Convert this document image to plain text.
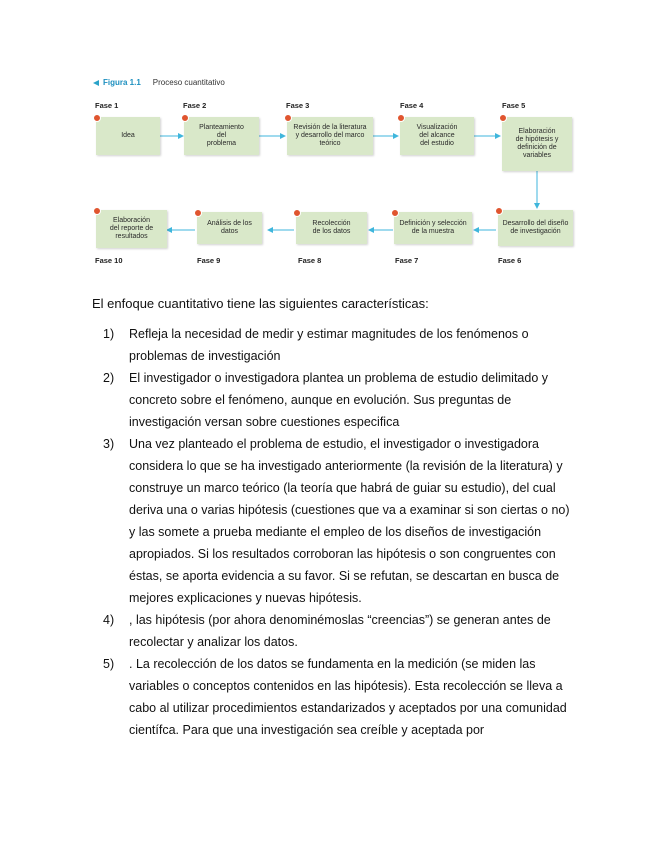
Figura 1.1 Proceso cuantitativo
Fase 1	Fase 2	Fase 3	Fase 4	Fase 5
Fase 10	Fase 9	Fase 8	Fase 7	Fase 6
Idea
Planteamiento
del
problema
Revisión de la literatura
y desarrollo del marco
teórico
Visualización
del alcance
del estudio
Elaboración
de hipótesis y
definición de
variables
Elaboración
del reporte de
resultados
Análisis de los
datos
Recolección
de los datos
Definición y selección
de la muestra
Desarrollo del diseño
de investigación
El enfoque cuantitativo tiene las siguientes características:
1)	Refleja la necesidad de medir y estimar magnitudes de los fenómenos o problemas de investigación
2)	El investigador o investigadora plantea un problema de estudio delimitado y concreto sobre el fenómeno, aunque en evolución. Sus preguntas de investigación versan sobre cuestiones especifica
3)	Una vez planteado el problema de estudio, el investigador o investigadora considera lo que se ha investigado anteriormente (la revisión de la literatura) y construye un marco teórico (la teoría que habrá de guiar su estudio), del cual deriva una o varias hipótesis (cuestiones que va a examinar si son ciertas o no) y las somete a prueba mediante el empleo de los diseños de investigación apropiados. Si los resultados corroboran las hipótesis o son congruentes con éstas, se aporta evidencia a su favor. Si se refutan, se descartan en busca de mejores explicaciones y nuevas hipótesis.
4)	, las hipótesis (por ahora denominémoslas “creencias”) se generan antes de recolectar y analizar los datos.
5)	. La recolección de los datos se fundamenta en la medición (se miden las variables o conceptos contenidos en las hipótesis). Esta recolección se lleva a cabo al utilizar procedimientos estandarizados y aceptados por una comunidad científca. Para que una investigación sea creíble y aceptada por
